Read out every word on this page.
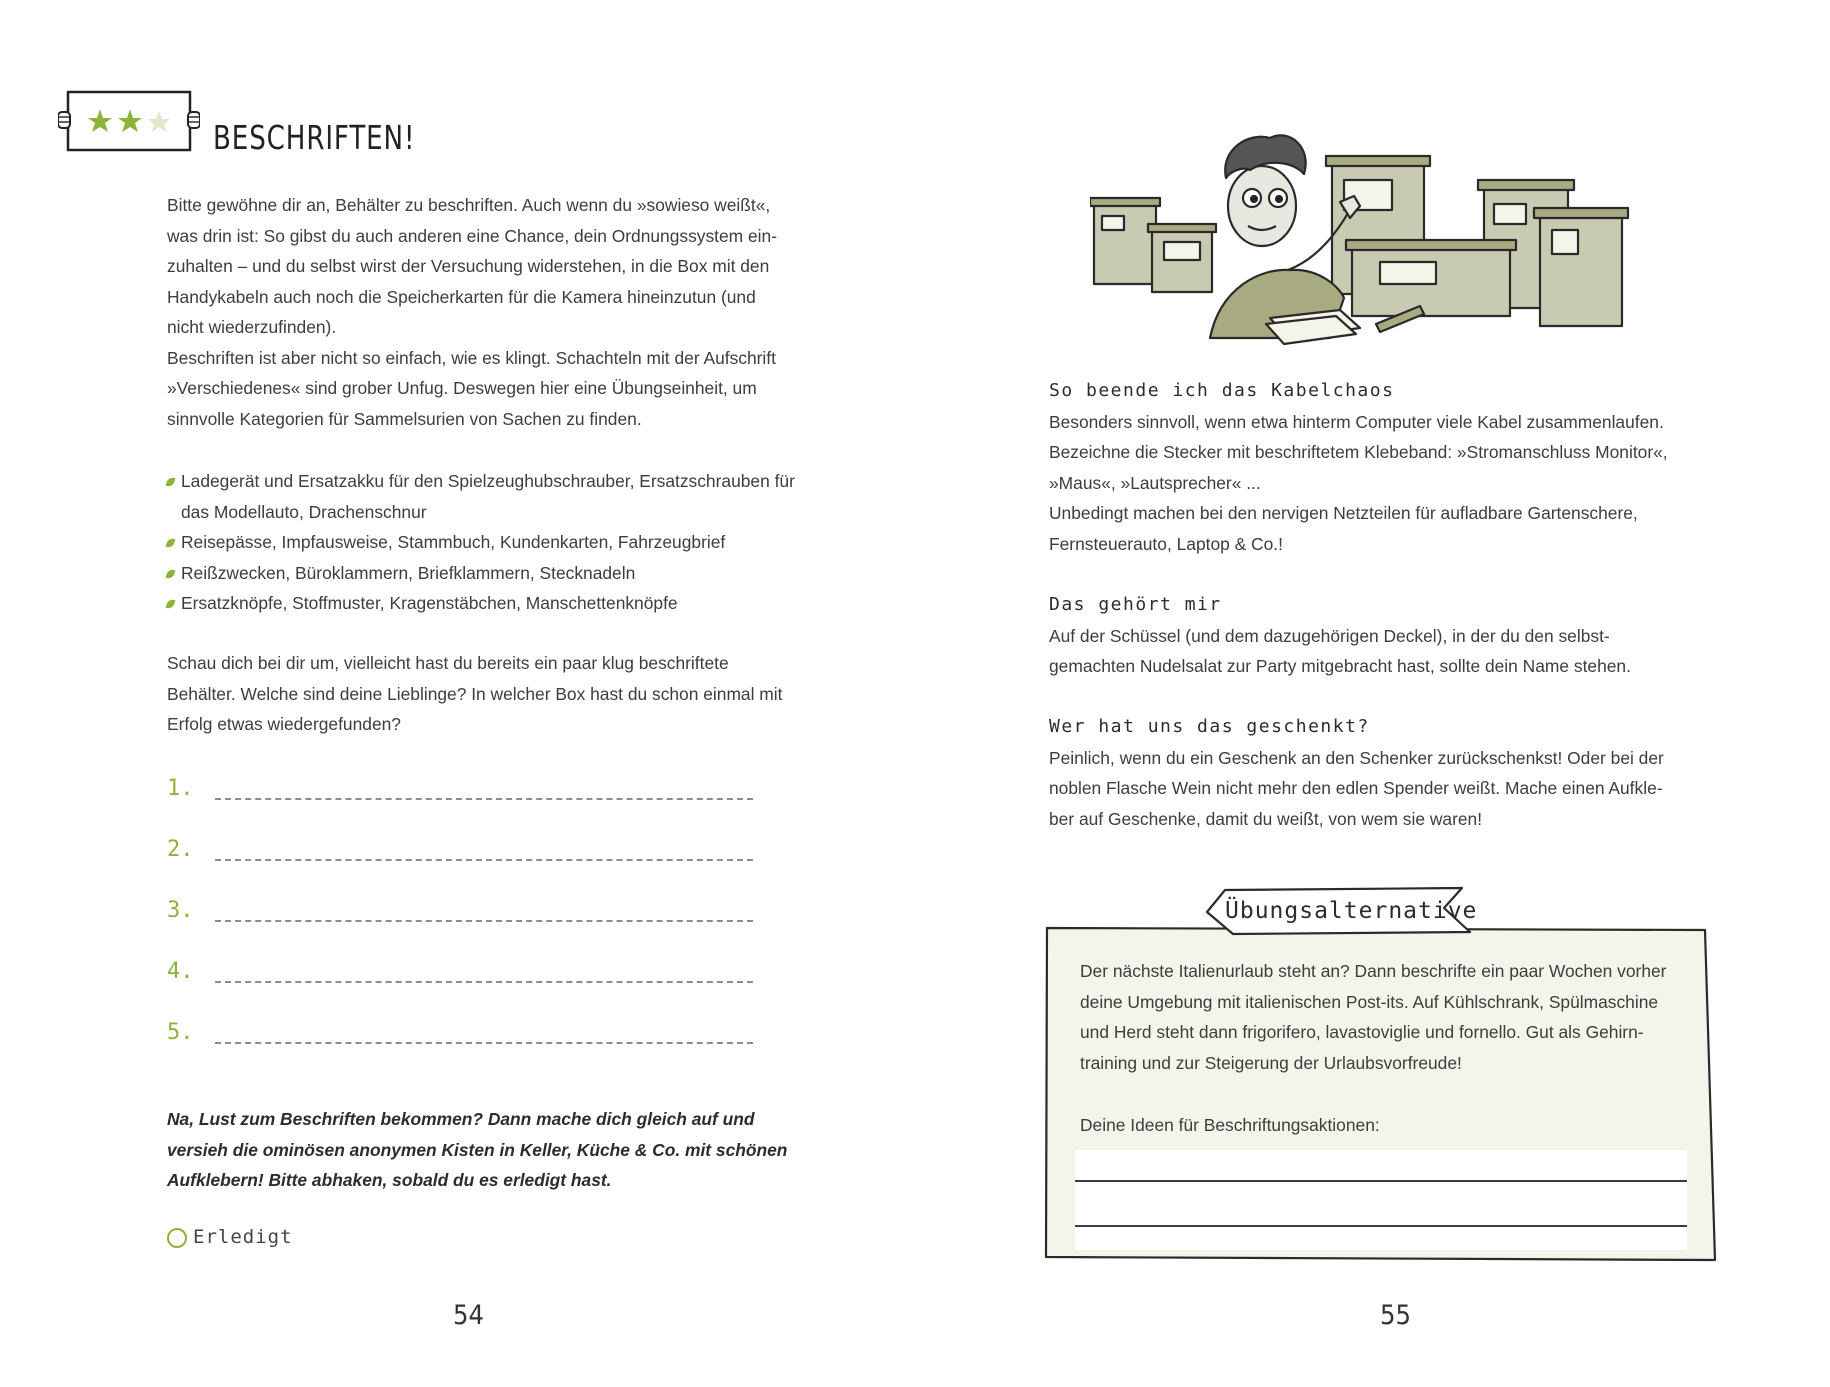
BESCHRIFTEN!

Bitte gewöhne dir an, Behälter zu beschriften. Auch wenn du »sowieso weißt«,

was drin ist: So gibst du auch anderen eine Chance, dein Ordnungssystem ein-

zuhalten – und du selbst wirst der Versuchung widerstehen, in die Box mit den

Handykabeln auch noch die Speicherkarten für die Kamera hineinzutun (und

nicht wiederzufinden).

Beschriften ist aber nicht so einfach, wie es klingt. Schachteln mit der Aufschrift

»Verschiedenes« sind grober Unfug. Deswegen hier eine Übungseinheit, um

sinnvolle Kategorien für Sammelsurien von Sachen zu finden.

Ladegerät und Ersatzakku für den Spielzeughubschrauber, Ersatzschrauben für

das Modellauto, Drachenschnur

Reisepässe, Impfausweise, Stammbuch, Kundenkarten, Fahrzeugbrief

Reißzwecken, Büroklammern, Briefklammern, Stecknadeln

Ersatzknöpfe, Stoffmuster, Kragenstäbchen, Manschettenknöpfe

Schau dich bei dir um, vielleicht hast du bereits ein paar klug beschriftete

Behälter. Welche sind deine Lieblinge? In welcher Box hast du schon einmal mit

Erfolg etwas wiedergefunden?

1.
2.
3.
4.
5.

Na, Lust zum Beschriften bekommen? Dann mache dich gleich auf und

versieh die ominösen anonymen Kisten in Keller, Küche & Co. mit schönen

Aufklebern! Bitte abhaken, sobald du es erledigt hast.

Erledigt
54
So beende ich das Kabelchaos

Besonders sinnvoll, wenn etwa hinterm Computer viele Kabel zusammenlaufen.

Bezeichne die Stecker mit beschriftetem Klebeband: »Stromanschluss Monitor«,

»Maus«, »Lautsprecher« ...

Unbedingt machen bei den nervigen Netzteilen für aufladbare Gartenschere,

Fernsteuerauto, Laptop & Co.!

Das gehört mir

Auf der Schüssel (und dem dazugehörigen Deckel), in der du den selbst-

gemachten Nudelsalat zur Party mitgebracht hast, sollte dein Name stehen.

Wer hat uns das geschenkt?

Peinlich, wenn du ein Geschenk an den Schenker zurückschenkst! Oder bei der

noblen Flasche Wein nicht mehr den edlen Spender weißt. Mache einen Aufkle-

ber auf Geschenke, damit du weißt, von wem sie waren!

Übungsalternative

Der nächste Italienurlaub steht an? Dann beschrifte ein paar Wochen vorher

deine Umgebung mit italienischen Post-its. Auf Kühlschrank, Spülmaschine

und Herd steht dann frigorifero, lavastoviglie und fornello. Gut als Gehirn-

training und zur Steigerung der Urlaubsvorfreude!

Deine Ideen für Beschriftungsaktionen:
55
